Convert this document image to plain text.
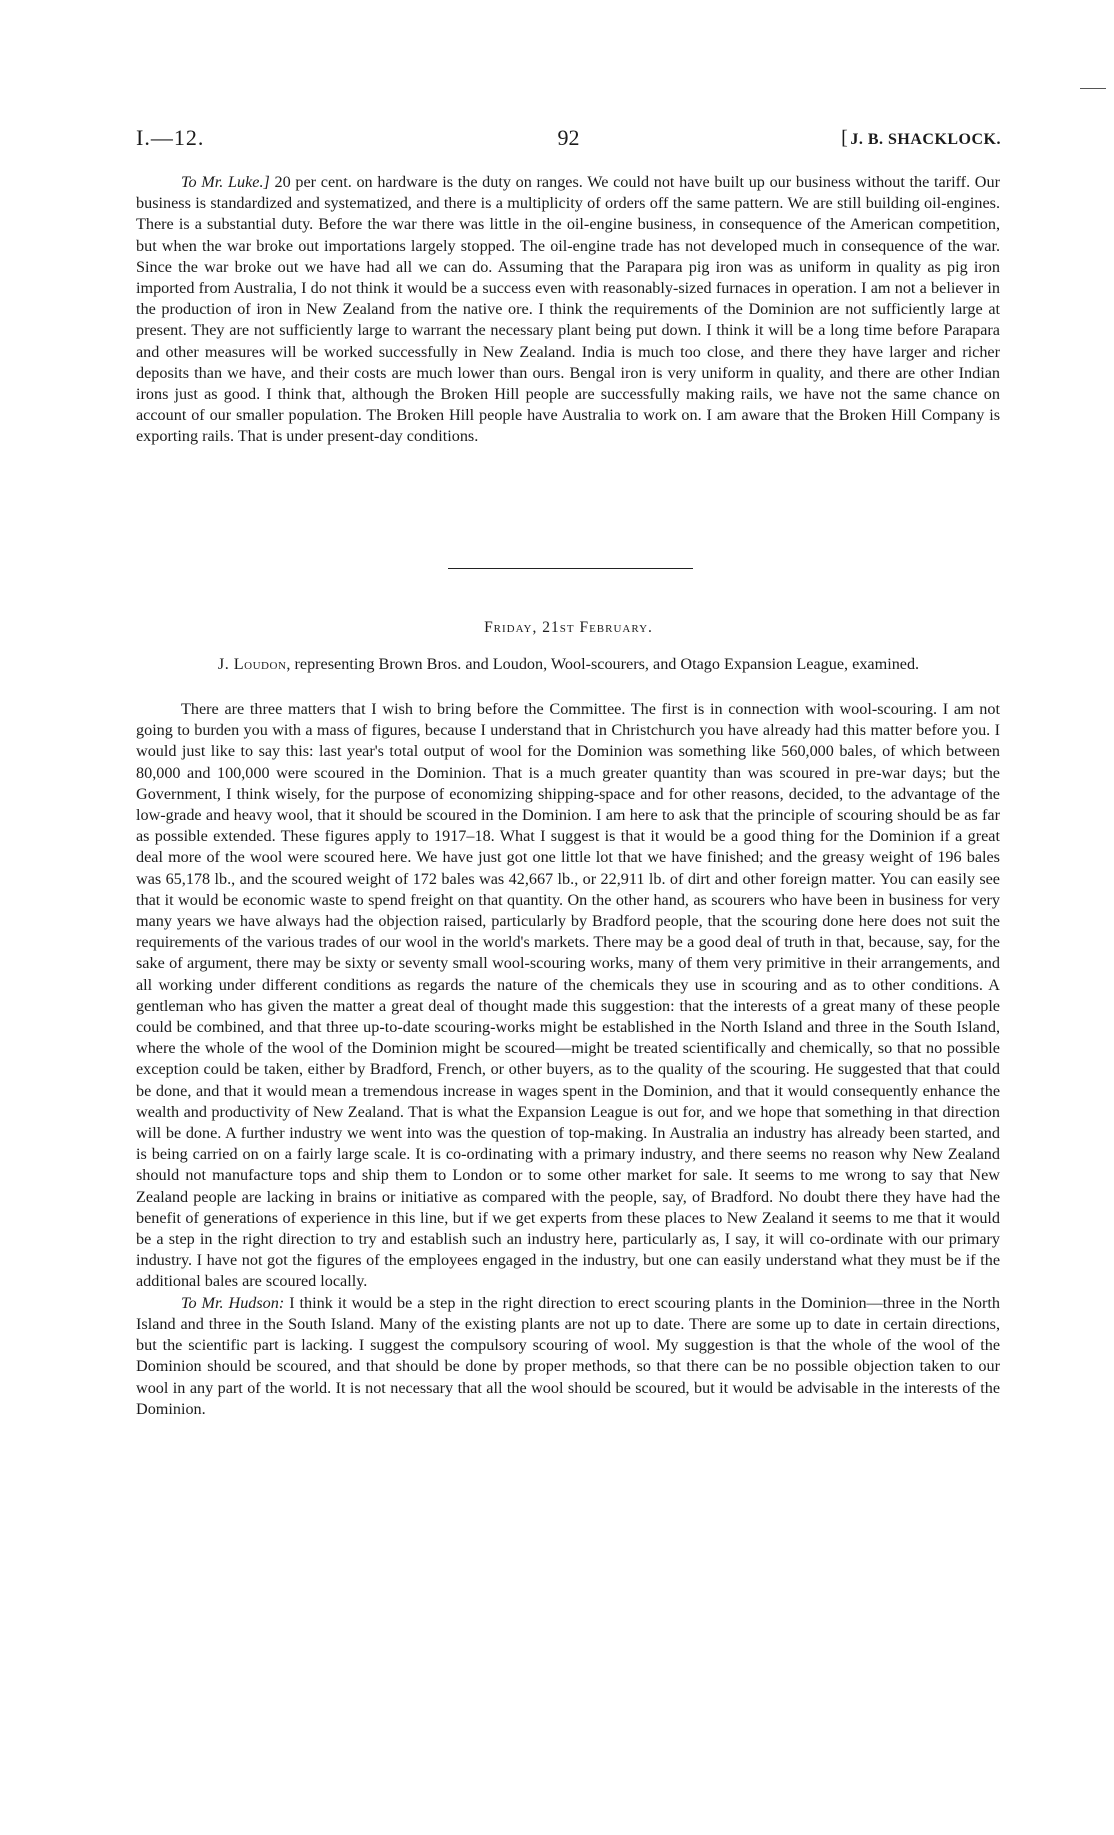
I.—12.	92	[ J. B. SHACKLOCK.

To Mr. Luke.] 20 per cent. on hardware is the duty on ranges. We could not have built up our business without the tariff. Our business is standardized and systematized, and there is a multiplicity of orders off the same pattern. We are still building oil-engines. There is a substantial duty. Before the war there was little in the oil-engine business, in consequence of the American competition, but when the war broke out importations largely stopped. The oil-engine trade has not developed much in consequence of the war. Since the war broke out we have had all we can do. Assuming that the Parapara pig iron was as uniform in quality as pig iron imported from Australia, I do not think it would be a success even with reasonably-sized furnaces in operation. I am not a believer in the production of iron in New Zealand from the native ore. I think the requirements of the Dominion are not sufficiently large at present. They are not sufficiently large to warrant the necessary plant being put down. I think it will be a long time before Parapara and other measures will be worked successfully in New Zealand. India is much too close, and there they have larger and richer deposits than we have, and their costs are much lower than ours. Bengal iron is very uniform in quality, and there are other Indian irons just as good. I think that, although the Broken Hill people are successfully making rails, we have not the same chance on account of our smaller population. The Broken Hill people have Australia to work on. I am aware that the Broken Hill Company is exporting rails. That is under present-day conditions.

Friday, 21st February.
J. Loudon, representing Brown Bros. and Loudon, Wool-scourers, and Otago Expansion League, examined.

There are three matters that I wish to bring before the Committee. The first is in connection with wool-scouring. I am not going to burden you with a mass of figures, because I understand that in Christchurch you have already had this matter before you. I would just like to say this: last year's total output of wool for the Dominion was something like 560,000 bales, of which between 80,000 and 100,000 were scoured in the Dominion. That is a much greater quantity than was scoured in pre-war days; but the Government, I think wisely, for the purpose of economizing shipping-space and for other reasons, decided, to the advantage of the low-grade and heavy wool, that it should be scoured in the Dominion. I am here to ask that the principle of scouring should be as far as possible extended. These figures apply to 1917–18. What I suggest is that it would be a good thing for the Dominion if a great deal more of the wool were scoured here. We have just got one little lot that we have finished; and the greasy weight of 196 bales was 65,178 lb., and the scoured weight of 172 bales was 42,667 lb., or 22,911 lb. of dirt and other foreign matter. You can easily see that it would be economic waste to spend freight on that quantity. On the other hand, as scourers who have been in business for very many years we have always had the objection raised, particularly by Bradford people, that the scouring done here does not suit the requirements of the various trades of our wool in the world's markets. There may be a good deal of truth in that, because, say, for the sake of argument, there may be sixty or seventy small wool-scouring works, many of them very primitive in their arrangements, and all working under different conditions as regards the nature of the chemicals they use in scouring and as to other conditions. A gentleman who has given the matter a great deal of thought made this suggestion: that the interests of a great many of these people could be combined, and that three up-to-date scouring-works might be established in the North Island and three in the South Island, where the whole of the wool of the Dominion might be scoured—might be treated scientifically and chemically, so that no possible exception could be taken, either by Bradford, French, or other buyers, as to the quality of the scouring. He suggested that that could be done, and that it would mean a tremendous increase in wages spent in the Dominion, and that it would consequently enhance the wealth and productivity of New Zealand. That is what the Expansion League is out for, and we hope that something in that direction will be done. A further industry we went into was the question of top-making. In Australia an industry has already been started, and is being carried on on a fairly large scale. It is co-ordinating with a primary industry, and there seems no reason why New Zealand should not manufacture tops and ship them to London or to some other market for sale. It seems to me wrong to say that New Zealand people are lacking in brains or initiative as compared with the people, say, of Bradford. No doubt there they have had the benefit of generations of experience in this line, but if we get experts from these places to New Zealand it seems to me that it would be a step in the right direction to try and establish such an industry here, particularly as, I say, it will co-ordinate with our primary industry. I have not got the figures of the employees engaged in the industry, but one can easily understand what they must be if the additional bales are scoured locally.

To Mr. Hudson: I think it would be a step in the right direction to erect scouring plants in the Dominion—three in the North Island and three in the South Island. Many of the existing plants are not up to date. There are some up to date in certain directions, but the scientific part is lacking. I suggest the compulsory scouring of wool. My suggestion is that the whole of the wool of the Dominion should be scoured, and that should be done by proper methods, so that there can be no possible objection taken to our wool in any part of the world. It is not necessary that all the wool should be scoured, but it would be advisable in the interests of the Dominion.
